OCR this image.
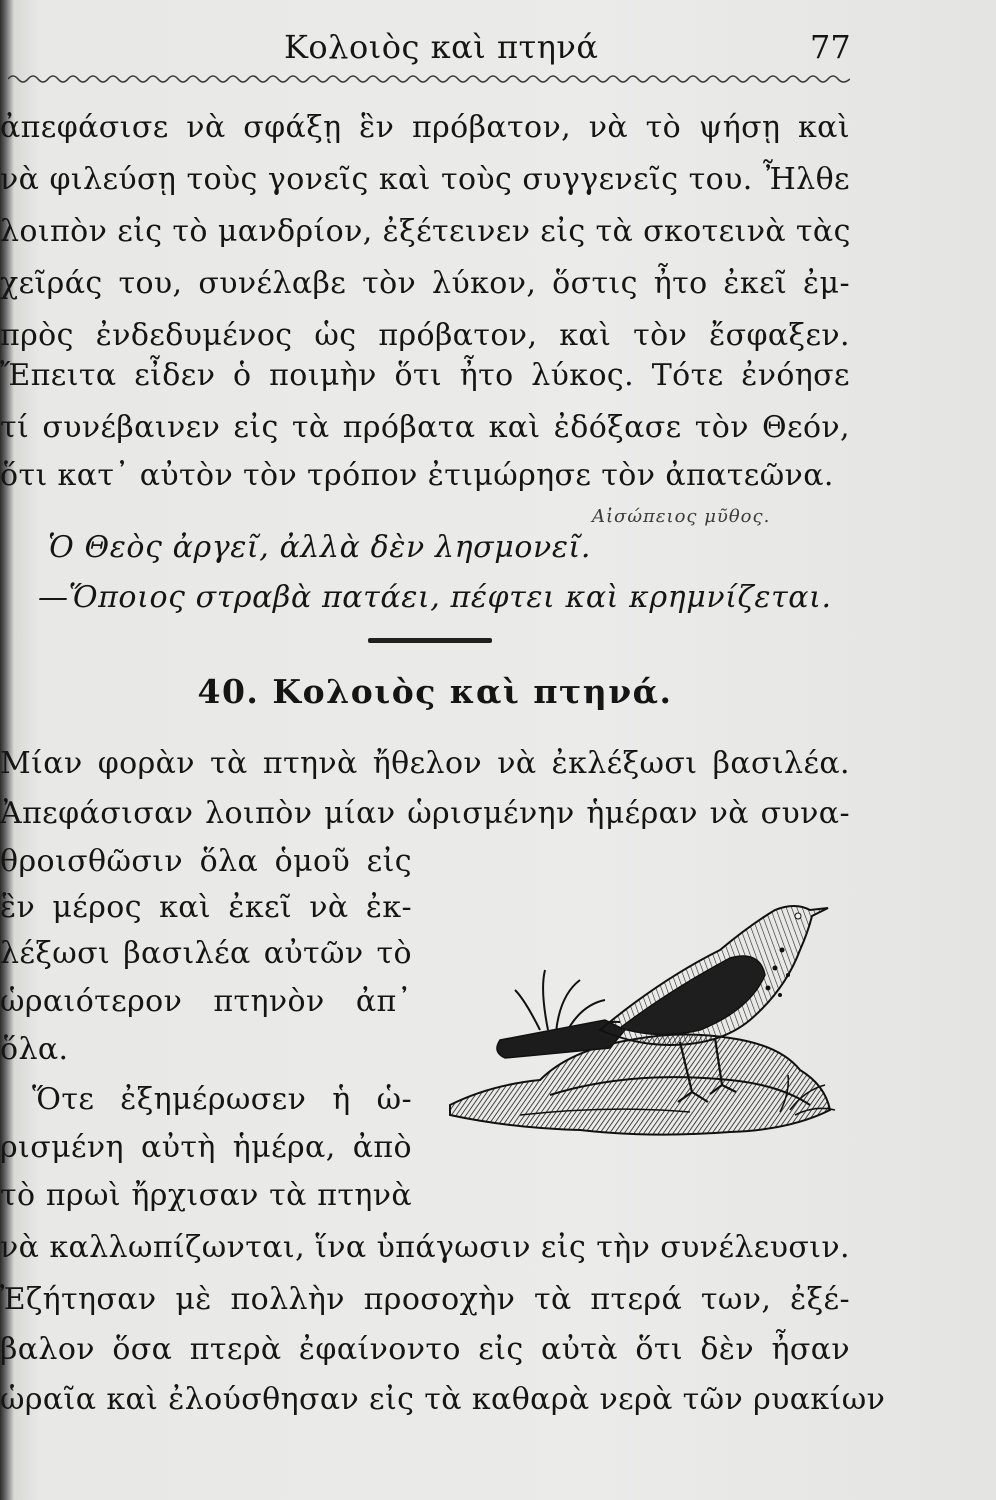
Κολοιὸς καὶ πτηνά	77
ἀπεφάσισε νὰ σφάξῃ ἓν πρόβατον, νὰ τὸ ψήσῃ καὶ
νὰ φιλεύσῃ τοὺς γονεῖς καὶ τοὺς συγγενεῖς του. Ἦλθε
λοιπὸν εἰς τὸ μανδρίον, ἐξέτεινεν εἰς τὰ σκοτεινὰ τὰς
χεῖράς του, συνέλαβε τὸν λύκον, ὅστις ἦτο ἐκεῖ ἐμ-
πρὸς ἐνδεδυμένος ὡς πρόβατον, καὶ τὸν ἔσφαξεν.
Ἔπειτα εἶδεν ὁ ποιμὴν ὅτι ἦτο λύκος. Τότε ἐνόησε
τί συνέβαινεν εἰς τὰ πρόβατα καὶ ἐδόξασε τὸν Θεόν,
ὅτι κατ᾽ αὐτὸν τὸν τρόπον ἐτιμώρησε τὸν ἀπατεῶνα.
Αἰσώπειος μῦθος.
Ὁ Θεὸς ἀργεῖ, ἀλλὰ δὲν λησμονεῖ.
—Ὅποιος στραβὰ πατάει, πέφτει καὶ κρημνίζεται.
40. Κολοιὸς καὶ πτηνά.
Μίαν φορὰν τὰ πτηνὰ ἤθελον νὰ ἐκλέξωσι βασιλέα.
Ἀπεφάσισαν λοιπὸν μίαν ὡρισμένην ἡμέραν νὰ συνα-
θροισθῶσιν ὅλα ὁμοῦ εἰς
ἓν μέρος καὶ ἐκεῖ νὰ ἐκ-
λέξωσι βασιλέα αὐτῶν τὸ
ὡραιότερον πτηνὸν ἀπ᾽
ὅλα.
Ὅτε ἐξημέρωσεν ἡ ὡ-
ρισμένη αὐτὴ ἡμέρα, ἀπὸ
τὸ πρωὶ ἤρχισαν τὰ πτηνὰ
νὰ καλλωπίζωνται, ἵνα ὑπάγωσιν εἰς τὴν συνέλευσιν.
Ἐζήτησαν μὲ πολλὴν προσοχὴν τὰ πτερά των, ἐξέ-
βαλον ὅσα πτερὰ ἐφαίνοντο εἰς αὐτὰ ὅτι δὲν ἦσαν
ὡραῖα καὶ ἐλούσθησαν εἰς τὰ καθαρὰ νερὰ τῶν ρυακίων
